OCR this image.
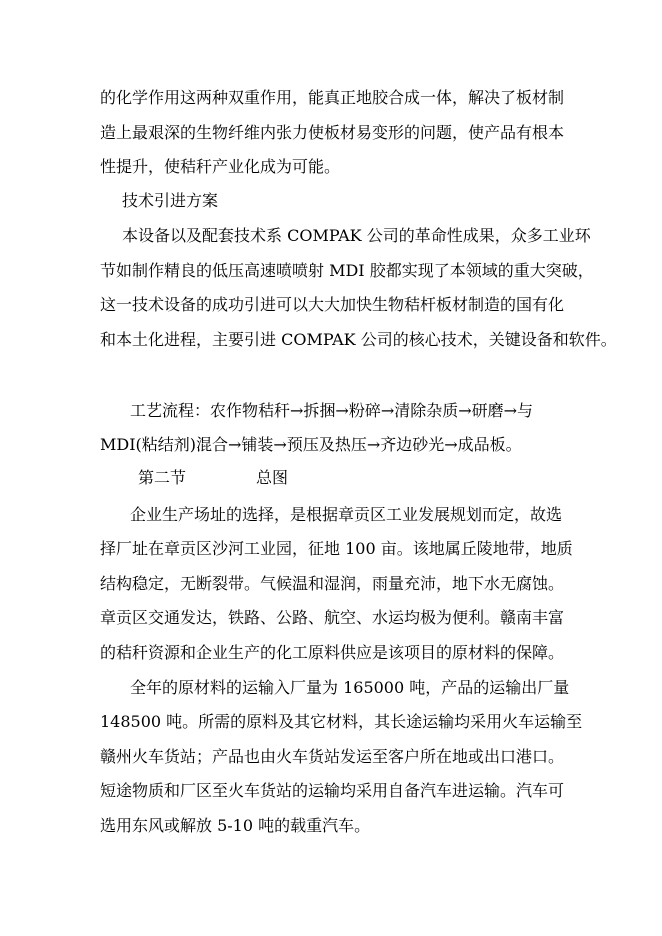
的化学作用这两种双重作用，能真正地胶合成一体，解决了板材制
造上最艰深的生物纤维内张力使板材易变形的问题，使产品有根本
性提升，使秸秆产业化成为可能。
技术引进方案
本设备以及配套技术系 COMPAK 公司的革命性成果，众多工业环
节如制作精良的低压高速喷喷射 MDI 胶都实现了本领域的重大突破，
这一技术设备的成功引进可以大大加快生物秸杆板材制造的国有化
和本土化进程，主要引进 COMPAK 公司的核心技术，关键设备和软件。
工艺流程：农作物秸秆→拆捆→粉碎→清除杂质→研磨→与
MDI(粘结剂)混合→铺装→预压及热压→齐边砂光→成品板。
第二节	总图
企业生产场址的选择，是根据章贡区工业发展规划而定，故选
择厂址在章贡区沙河工业园，征地 100 亩。该地属丘陵地带，地质
结构稳定，无断裂带。气候温和湿润，雨量充沛，地下水无腐蚀。
章贡区交通发达，铁路、公路、航空、水运均极为便利。赣南丰富
的秸秆资源和企业生产的化工原料供应是该项目的原材料的保障。
全年的原材料的运输入厂量为 165000 吨，产品的运输出厂量
148500 吨。所需的原料及其它材料，其长途运输均采用火车运输至
赣州火车货站；产品也由火车货站发运至客户所在地或出口港口。
短途物质和厂区至火车货站的运输均采用自备汽车进运输。汽车可
选用东风或解放 5-10 吨的载重汽车。
